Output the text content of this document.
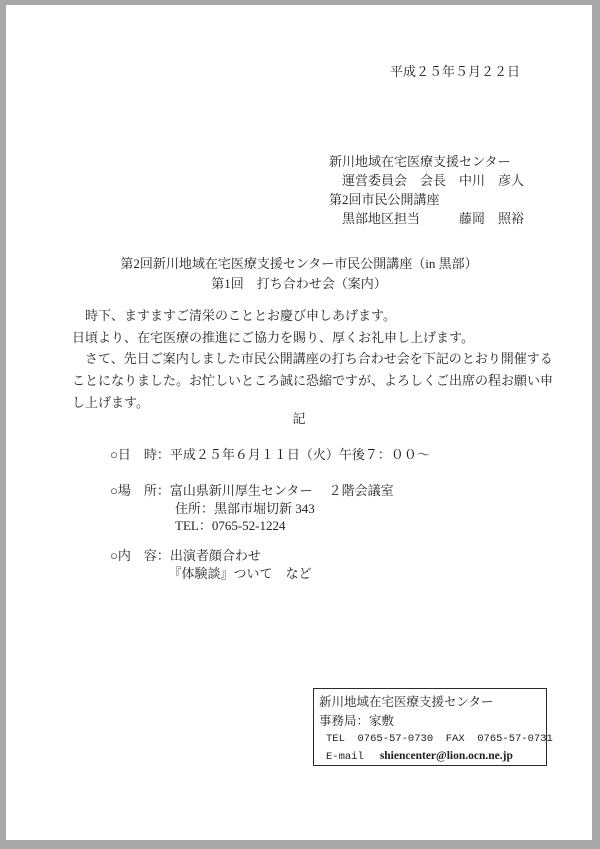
平成２５年５月２２日
新川地域在宅医療支援センター
　運営委員会　会長　中川　彦人
第2回市民公開講座
　黒部地区担当　　　藤岡　照裕
第2回新川地域在宅医療支援センター市民公開講座（in 黒部）
第1回　打ち合わせ会（案内）
　時下、ますますご清栄のこととお慶び申しあげます。
日頃より、在宅医療の推進にご協力を賜り、厚くお礼申し上げます。
　さて、先日ご案内しました市民公開講座の打ち合わせ会を下記のとおり開催する
ことになりました。お忙しいところ誠に恐縮ですが、よろしくご出席の程お願い申
し上げます。
記
○日　時：平成２５年６月１１日（火）午後７：００～
○場　所：富山県新川厚生センター　 ２階会議室
　　　　　住所：黒部市堀切新 343
　　　　　TEL：0765-52-1224
○内　容：出演者顔合わせ
　　　　　『体験談』ついて　など
新川地域在宅医療支援センター
事務局：家敷
TEL  0765-57-0730  FAX  0765-57-0731
E-mail shiencenter@lion.ocn.ne.jp
